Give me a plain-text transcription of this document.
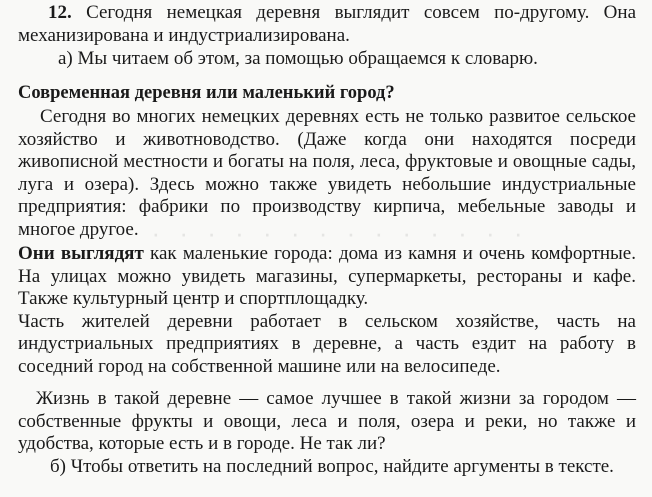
12. Сегодня немецкая деревня выглядит совсем по-другому. Она механизирована и индустриализирована.

а) Мы читаем об этом, за помощью обращаемся к словарю.

Современная деревня или маленький город?

Сегодня во многих немецких деревнях есть не только развитое сельское хозяйство и животноводство. (Даже когда они находятся посреди живописной местности и богаты на поля, леса, фруктовые и овощные сады, луга и озера). Здесь можно также увидеть небольшие индустриальные предприятия: фабрики по производству кирпича, мебельные заводы и многое другое.

Они выглядят как маленькие города: дома из камня и очень комфортные. На улицах можно увидеть магазины, супермаркеты, рестораны и кафе. Также культурный центр и спортплощадку.

Часть жителей деревни работает в сельском хозяйстве, часть на индустриальных предприятиях в деревне, а часть ездит на работу в соседний город на собственной машине или на велосипеде.

Жизнь в такой деревне — самое лучшее в такой жизни за городом — собственные фрукты и овощи, леса и поля, озера и реки, но также и удобства, которые есть и в городе. Не так ли?

б) Чтобы ответить на последний вопрос, найдите аргументы в тексте.

· · · · · · · · · · · · · ·
